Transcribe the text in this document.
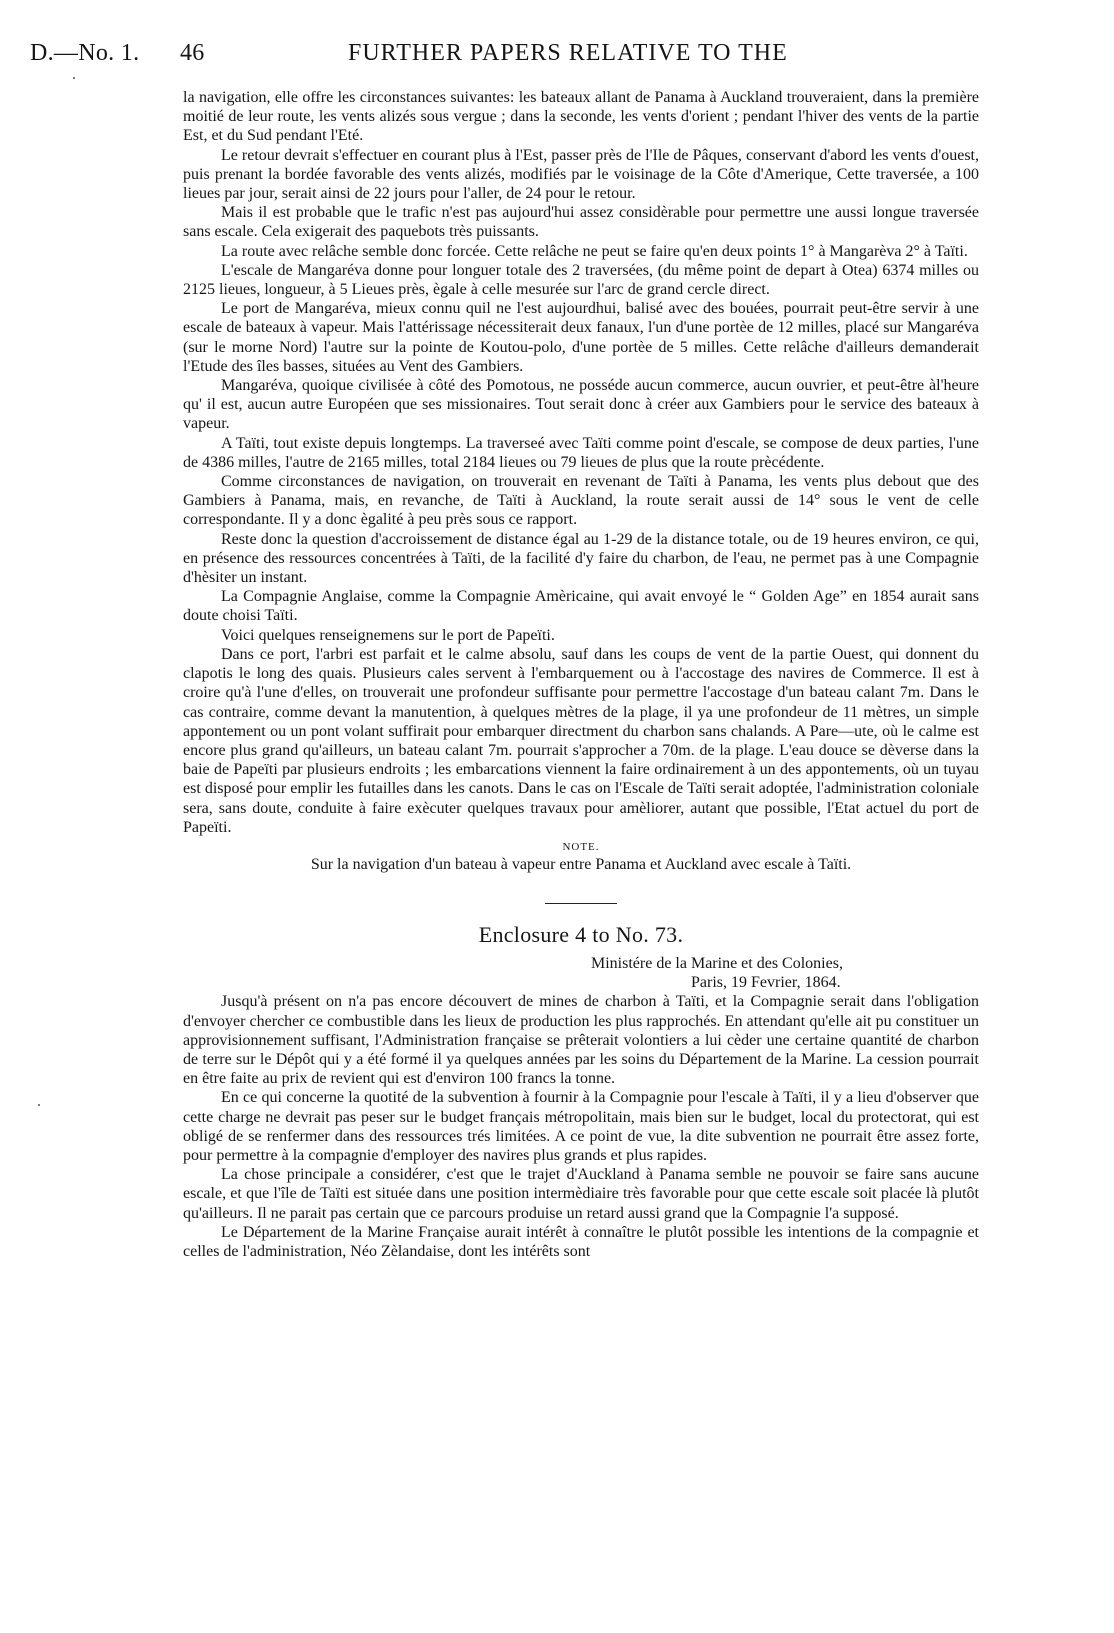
D.—No. 1. 46	FURTHER PAPERS RELATIVE TO THE

la navigation, elle offre les circonstances suivantes: les bateaux allant de Panama à Auckland trouveraient, dans la première moitié de leur route, les vents alizés sous vergue ; dans la seconde, les vents d'orient ; pendant l'hiver des vents de la partie Est, et du Sud pendant l'Eté.

Le retour devrait s'effectuer en courant plus à l'Est, passer près de l'Ile de Pâques, conservant d'abord les vents d'ouest, puis prenant la bordée favorable des vents alizés, modifiés par le voisinage de la Côte d'Amerique, Cette traversée, a 100 lieues par jour, serait ainsi de 22 jours pour l'aller, de 24 pour le retour.

Mais il est probable que le trafic n'est pas aujourd'hui assez considèrable pour permettre une aussi longue traversée sans escale. Cela exigerait des paquebots très puissants.

La route avec relâche semble donc forcée. Cette relâche ne peut se faire qu'en deux points 1° à Mangarèva 2° à Taïti.

L'escale de Mangaréva donne pour longuer totale des 2 traversées, (du même point de depart à Otea) 6374 milles ou 2125 lieues, longueur, à 5 Lieues près, ègale à celle mesurée sur l'arc de grand cercle direct.

Le port de Mangaréva, mieux connu quil ne l'est aujourdhui, balisé avec des bouées, pourrait peut-être servir à une escale de bateaux à vapeur. Mais l'attérissage nécessiterait deux fanaux, l'un d'une portèe de 12 milles, placé sur Mangaréva (sur le morne Nord) l'autre sur la pointe de Koutou-polo, d'une portèe de 5 milles. Cette relâche d'ailleurs demanderait l'Etude des îles basses, situées au Vent des Gambiers.

Mangaréva, quoique civilisée à côté des Pomotous, ne posséde aucun commerce, aucun ouvrier, et peut-être àl'heure qu' il est, aucun autre Européen que ses missionaires. Tout serait donc à créer aux Gambiers pour le service des bateaux à vapeur.

A Taïti, tout existe depuis longtemps. La traverseé avec Taïti comme point d'escale, se compose de deux parties, l'une de 4386 milles, l'autre de 2165 milles, total 2184 lieues ou 79 lieues de plus que la route prècédente.

Comme circonstances de navigation, on trouverait en revenant de Taïti à Panama, les vents plus debout que des Gambiers à Panama, mais, en revanche, de Taïti à Auckland, la route serait aussi de 14° sous le vent de celle correspondante. Il y a donc ègalité à peu près sous ce rapport.

Reste donc la question d'accroissement de distance égal au 1-29 de la distance totale, ou de 19 heures environ, ce qui, en présence des ressources concentrées à Taïti, de la facilité d'y faire du charbon, de l'eau, ne permet pas à une Compagnie d'hèsiter un instant.

La Compagnie Anglaise, comme la Compagnie Amèricaine, qui avait envoyé le “ Golden Age” en 1854 aurait sans doute choisi Taïti.

Voici quelques renseignemens sur le port de Papeïti.

Dans ce port, l'arbri est parfait et le calme absolu, sauf dans les coups de vent de la partie Ouest, qui donnent du clapotis le long des quais. Plusieurs cales servent à l'embarquement ou à l'accostage des navires de Commerce. Il est à croire qu'à l'une d'elles, on trouverait une profondeur suffisante pour permettre l'accostage d'un bateau calant 7m. Dans le cas contraire, comme devant la manutention, à quelques mètres de la plage, il ya une profondeur de 11 mètres, un simple appontement ou un pont volant suffirait pour embarquer directment du charbon sans chalands. A Pare—ute, où le calme est encore plus grand qu'ailleurs, un bateau calant 7m. pourrait s'approcher a 70m. de la plage. L'eau douce se dèverse dans la baie de Papeïti par plusieurs endroits ; les embarcations viennent la faire ordinairement à un des appontements, où un tuyau est disposé pour emplir les futailles dans les canots. Dans le cas on l'Escale de Taïti serait adoptée, l'administration coloniale sera, sans doute, conduite à faire exècuter quelques travaux pour amèliorer, autant que possible, l'Etat actuel du port de Papeïti.

NOTE.
Sur la navigation d'un bateau à vapeur entre Panama et Auckland avec escale à Taïti.
Enclosure 4 to No. 73.
Ministére de la Marine et des Colonies,
Paris, 19 Fevrier, 1864.

Jusqu'à présent on n'a pas encore découvert de mines de charbon à Taïti, et la Compagnie serait dans l'obligation d'envoyer chercher ce combustible dans les lieux de production les plus rapprochés. En attendant qu'elle ait pu constituer un approvisionnement suffisant, l'Administration française se prêterait volontiers a lui cèder une certaine quantité de charbon de terre sur le Dépôt qui y a été formé il ya quelques années par les soins du Département de la Marine. La cession pourrait en être faite au prix de revient qui est d'environ 100 francs la tonne.

En ce qui concerne la quotité de la subvention à fournir à la Compagnie pour l'escale à Taïti, il y a lieu d'observer que cette charge ne devrait pas peser sur le budget français métropolitain, mais bien sur le budget, local du protectorat, qui est obligé de se renfermer dans des ressources trés limitées. A ce point de vue, la dite subvention ne pourrait être assez forte, pour permettre à la compagnie d'employer des navires plus grands et plus rapides.

La chose principale a considérer, c'est que le trajet d'Auckland à Panama semble ne pouvoir se faire sans aucune escale, et que l'île de Taïti est située dans une position intermèdiaire très favorable pour que cette escale soit placée là plutôt qu'ailleurs. Il ne parait pas certain que ce parcours produise un retard aussi grand que la Compagnie l'a supposé.

Le Département de la Marine Française aurait intérêt à connaître le plutôt possible les intentions de la compagnie et celles de l'administration, Néo Zèlandaise, dont les intérêts sont
